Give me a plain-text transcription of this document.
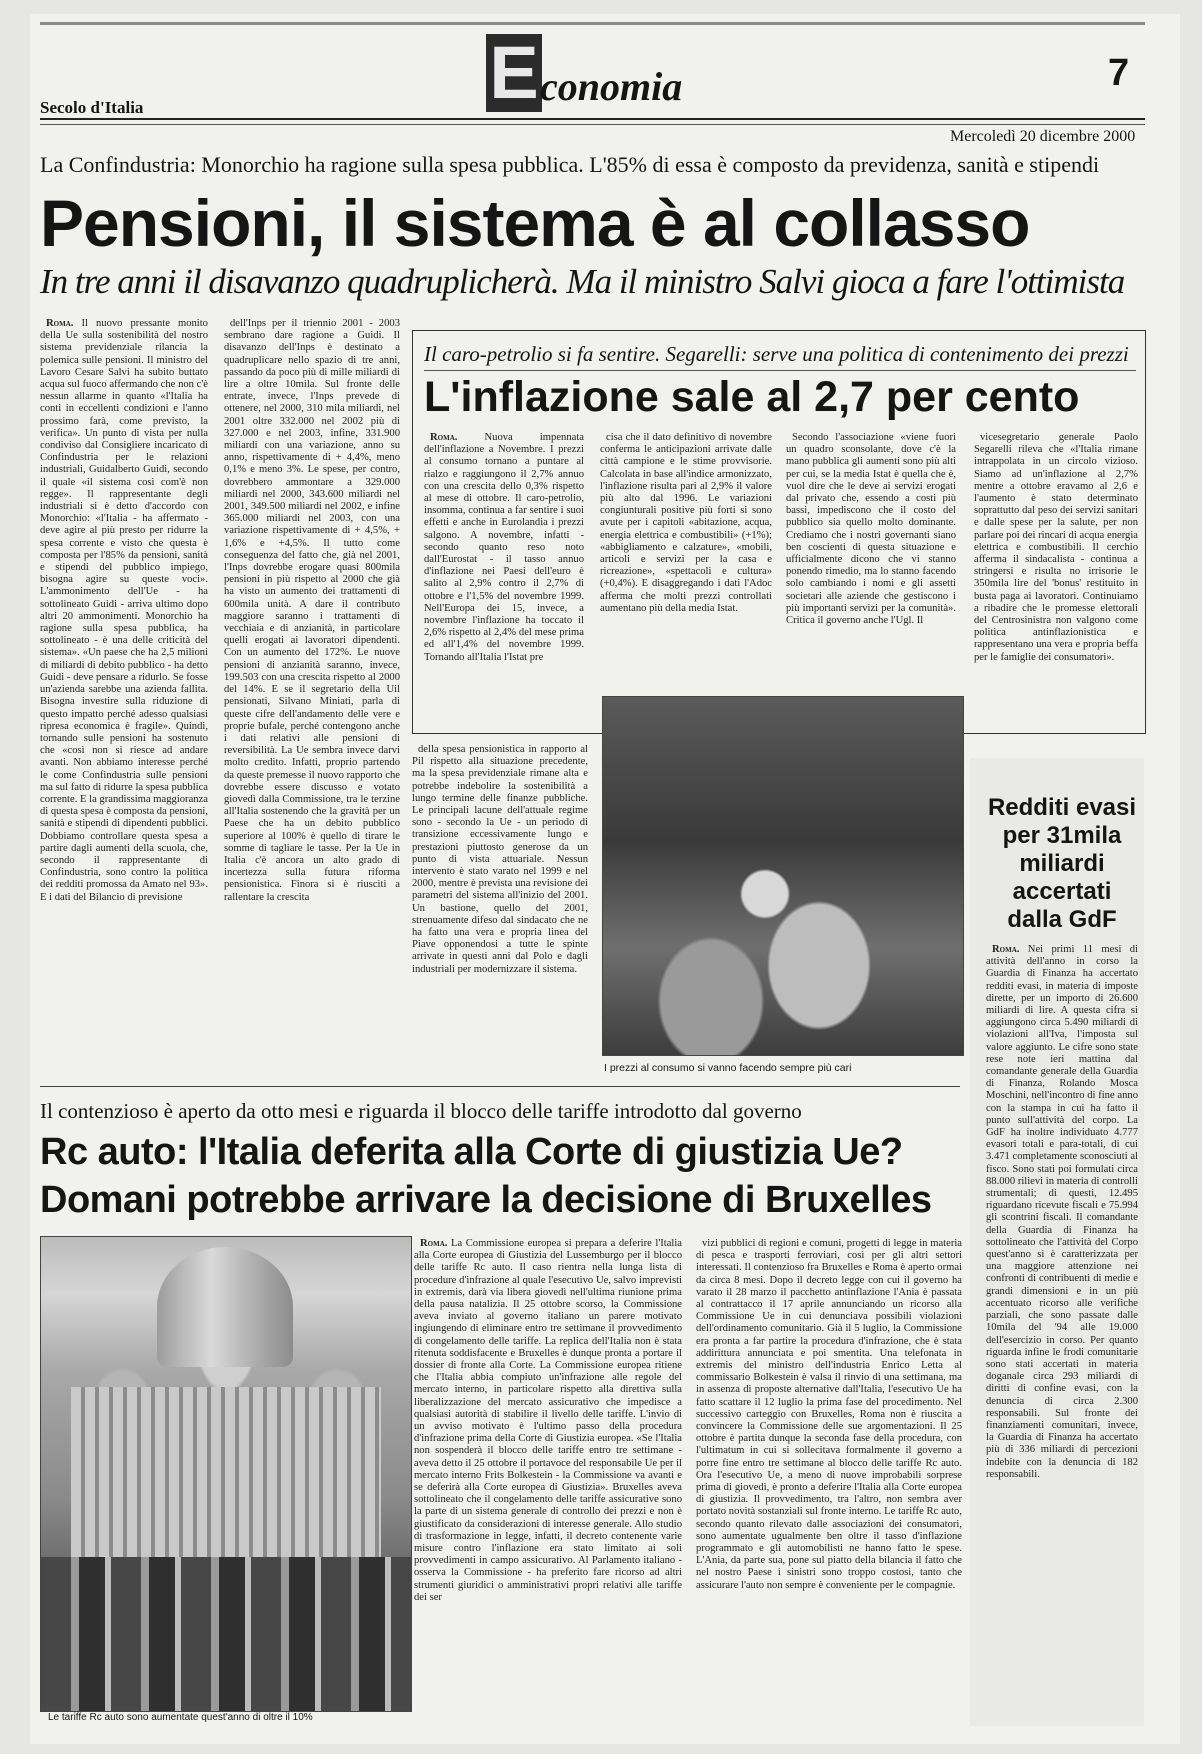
Secolo d'Italia	E conomia	7
Mercoledì 20 dicembre 2000
La Confindustria: Monorchio ha ragione sulla spesa pubblica. L'85% di essa è composto da previdenza, sanità e stipendi
Pensioni, il sistema è al collasso
In tre anni il disavanzo quadruplicherà. Ma il ministro Salvi gioca a fare l'ottimista

Roma. Il nuovo pressante monito della Ue sulla sostenibilità del nostro sistema previdenziale rilancia la polemica sulle pensioni. Il ministro del Lavoro Cesare Salvi ha subito buttato acqua sul fuoco affermando che non c'è nessun allarme in quanto «l'Italia ha conti in eccellenti condizioni e l'anno prossimo farà, come previsto, la verifica». Un punto di vista per nulla condiviso dal Consigliere incaricato di Confindustria per le relazioni industriali, Guidalberto Guidi, secondo il quale «il sistema così com'è non regge». Il rappresentante degli industriali si è detto d'accordo con Monorchio: «l'Italia - ha affermato - deve agire al più presto per ridurre la spesa corrente e visto che questa è composta per l'85% da pensioni, sanità e stipendi del pubblico impiego, bisogna agire su queste voci». L'ammonimento dell'Ue - ha sottolineato Guidi - arriva ultimo dopo altri 20 ammonimenti. Monorchio ha ragione sulla spesa pubblica, ha sottolineato - è una delle criticità del sistema». «Un paese che ha 2,5 milioni di miliardi di debito pubblico - ha detto Guidi - deve pensare a ridurlo. Se fosse un'azienda sarebbe una azienda fallita. Bisogna investire sulla riduzione di questo impatto perché adesso qualsiasi ripresa economica è fragile». Quindi, tornando sulle pensioni ha sostenuto che «così non si riesce ad andare avanti. Non abbiamo interesse perché le come Confindustria sulle pensioni ma sul fatto di ridurre la spesa pubblica corrente. E la grandissima maggioranza di questa spesa è composta da pensioni, sanità e stipendi di dipendenti pubblici. Dobbiamo controllare questa spesa a partire dagli aumenti della scuola, che, secondo il rappresentante di Confindustria, sono contro la politica dei redditi promossa da Amato nel 93». E i dati del Bilancio di previsione

dell'Inps per il triennio 2001 - 2003 sembrano dare ragione a Guidi. Il disavanzo dell'Inps è destinato a quadruplicare nello spazio di tre anni, passando da poco più di mille miliardi di lire a oltre 10mila. Sul fronte delle entrate, invece, l'Inps prevede di ottenere, nel 2000, 310 mila miliardi, nel 2001 oltre 332.000 nel 2002 più di 327.000 e nel 2003, infine, 331.900 miliardi con una variazione, anno su anno, rispettivamente di + 4,4%, meno 0,1% e meno 3%. Le spese, per contro, dovrebbero ammontare a 329.000 miliardi nel 2000, 343.600 miliardi nel 2001, 349.500 miliardi nel 2002, e infine 365.000 miliardi nel 2003, con una variazione rispettivamente di + 4,5%, + 1,6% e +4,5%. Il tutto come conseguenza del fatto che, già nel 2001, l'Inps dovrebbe erogare quasi 800mila pensioni in più rispetto al 2000 che già ha visto un aumento dei trattamenti di 600mila unità. A dare il contributo maggiore saranno i trattamenti di vecchiaia e di anzianità, in particolare quelli erogati ai lavoratori dipendenti. Con un aumento del 172%. Le nuove pensioni di anzianità saranno, invece, 199.503 con una crescita rispetto al 2000 del 14%. E se il segretario della Uil pensionati, Silvano Miniati, parla di queste cifre dell'andamento delle vere e proprie bufale, perché contengono anche i dati relativi alle pensioni di reversibilità. La Ue sembra invece darvi molto credito. Infatti, proprio partendo da queste premesse il nuovo rapporto che dovrebbe essere discusso e votato giovedì dalla Commissione, tra le terzine all'Italia sostenendo che la gravità per un Paese che ha un debito pubblico superiore al 100% è quello di tirare le somme di tagliare le tasse. Per la Ue in Italia c'è ancora un alto grado di incertezza sulla futura riforma pensionistica. Finora si è riusciti a rallentare la crescita

della spesa pensionistica in rapporto al Pil rispetto alla situazione precedente, ma la spesa previdenziale rimane alta e potrebbe indebolire la sostenibilità a lungo termine delle finanze pubbliche. Le principali lacune dell'attuale regime sono - secondo la Ue - un periodo di transizione eccessivamente lungo e prestazioni piuttosto generose da un punto di vista attuariale. Nessun intervento è stato varato nel 1999 e nel 2000, mentre è prevista una revisione dei parametri del sistema all'inizio del 2001. Un bastione, quello del 2001, strenuamente difeso dal sindacato che ne ha fatto una vera e propria linea del Piave opponendosi a tutte le spinte arrivate in questi anni dal Polo e dagli industriali per modernizzare il sistema.

Il caro-petrolio si fa sentire. Segarelli: serve una politica di contenimento dei prezzi
L'inflazione sale al 2,7 per cento

Roma.	Nuova impennata dell'inflazione a Novembre. I prezzi al consumo tornano a puntare al rialzo e raggiungono il 2,7% annuo con una crescita dello 0,3% rispetto al mese di ottobre. Il caro-petrolio, insomma, continua a far sentire i suoi effetti e anche in Eurolandia i prezzi salgono. A novembre, infatti - secondo quanto reso noto dall'Eurostat - il tasso annuo d'inflazione nei Paesi dell'euro è salito al 2,9% contro il 2,7% di ottobre e l'1,5% del novembre 1999. Nell'Europa dei 15, invece, a novembre l'inflazione ha toccato il 2,6% rispetto al 2,4% del mese prima ed all'1,4% del novembre 1999. Tornando all'Italia l'Istat pre

cisa che il dato definitivo di novembre conferma le anticipazioni arrivate dalle città campione e le stime provvisorie. Calcolata in base all'indice armonizzato, l'inflazione risulta pari al 2,9% il valore più alto dal 1996. Le variazioni congiunturali positive più forti si sono avute per i capitoli «abitazione, acqua, energia elettrica e combustibili» (+1%); «abbigliamento e calzature», «mobili, articoli e servizi per la casa e ricreazione», «spettacoli e cultura» (+0,4%). E disaggregando i dati l'Adoc afferma che molti prezzi controllati aumentano più della media Istat.

Secondo l'associazione «viene fuori un quadro sconsolante, dove c'è la mano pubblica gli aumenti sono più alti per cui, se la media Istat è quella che è, vuol dire che le deve ai servizi erogati dal privato che, essendo a costi più bassi, impediscono che il costo del pubblico sia quello molto dominante. Crediamo che i nostri governanti siano ben coscienti di questa situazione e ufficialmente dicono che vi stanno ponendo rimedio, ma lo stanno facendo solo cambiando i nomi e gli assetti societari alle aziende che gestiscono i più importanti servizi per la comunità». Critica il governo anche l'Ugl. Il

vicesegretario generale Paolo Segarelli rileva che «l'Italia rimane intrappolata in un circolo vizioso. Siamo ad un'inflazione al 2,7% mentre a ottobre eravamo al 2,6 e l'aumento è stato determinato soprattutto dal peso dei servizi sanitari e dalle spese per la salute, per non parlare poi dei rincari di acqua energia elettrica e combustibili. Il cerchio afferma il sindacalista - continua a stringersi e risulta no irrisorie le 350mila lire del 'bonus' restituito in busta paga ai lavoratori. Continuiamo a ribadire che le promesse elettorali del Centrosinistra non valgono come politica antinflazionistica e rappresentano una vera e propria beffa per le famiglie dei consumatori».

I prezzi al consumo si vanno facendo sempre più cari
Redditi evasi per 31mila miliardi accertati dalla GdF

Roma. Nei primi 11 mesi di attività dell'anno in corso la Guardia di Finanza ha accertato redditi evasi, in materia di imposte dirette, per un importo di 26.600 miliardi di lire. A questa cifra si aggiungono circa 5.490 miliardi di violazioni all'Iva, l'imposta sul valore aggiunto. Le cifre sono state rese note ieri mattina dal comandante generale della Guardia di Finanza, Rolando Mosca Moschini, nell'incontro di fine anno con la stampa in cui ha fatto il punto sull'attività del corpo. La GdF ha inoltre individuato 4.777 evasori totali e para-totali, di cui 3.471 completamente sconosciuti al fisco. Sono stati poi formulati circa 88.000 rilievi in materia di controlli strumentali; di questi, 12.495 riguardano ricevute fiscali e 75.994 gli scontrini fiscali. Il comandante della Guardia di Finanza ha sottolineato che l'attività del Corpo quest'anno si è caratterizzata per una maggiore attenzione nei confronti di contribuenti di medie e grandi dimensioni e in un più accentuato ricorso alle verifiche parziali, che sono passate dalle 10mila del '94 alle 19.000 dell'esercizio in corso. Per quanto riguarda infine le frodi comunitarie sono stati accertati in materia doganale circa 293 miliardi di diritti di confine evasi, con la denuncia di circa 2.300 responsabili. Sul fronte dei finanziamenti comunitari, invece, la Guardia di Finanza ha accertato più di 336 miliardi di percezioni indebite con la denuncia di 182 responsabili.

Il contenzioso è aperto da otto mesi e riguarda il blocco delle tariffe introdotto dal governo
Rc auto: l'Italia deferita alla Corte di giustizia Ue?
Domani potrebbe arrivare la decisione di Bruxelles
Le tariffe Rc auto sono aumentate quest'anno di oltre il 10%

Roma. La Commissione europea si prepara a deferire l'Italia alla Corte europea di Giustizia del Lussemburgo per il blocco delle tariffe Rc auto. Il caso rientra nella lunga lista di procedure d'infrazione al quale l'esecutivo Ue, salvo imprevisti in extremis, darà via libera giovedì nell'ultima riunione prima della pausa natalizia. Il 25 ottobre scorso, la Commissione aveva inviato al governo italiano un parere motivato ingiungendo di eliminare entro tre settimane il provvedimento di congelamento delle tariffe. La replica dell'Italia non è stata ritenuta soddisfacente e Bruxelles è dunque pronta a portare il dossier di fronte alla Corte. La Commissione europea ritiene che l'Italia abbia compiuto un'infrazione alle regole del mercato interno, in particolare rispetto alla direttiva sulla liberalizzazione del mercato assicurativo che impedisce a qualsiasi autorità di stabilire il livello delle tariffe. L'invio di un avviso motivato è l'ultimo passo della procedura d'infrazione prima della Corte di Giustizia europea. «Se l'Italia non sospenderà il blocco delle tariffe entro tre settimane - aveva detto il 25 ottobre il portavoce del responsabile Ue per il mercato interno Frits Bolkestein - la Commissione va avanti e se deferirà alla Corte europea di Giustizia». Bruxelles aveva sottolineato che il congelamento delle tariffe assicurative sono la parte di un sistema generale di controllo dei prezzi e non è giustificato da considerazioni di interesse generale. Allo studio di trasformazione in legge, infatti, il decreto contenente varie misure contro l'inflazione era stato limitato ai soli provvedimenti in campo assicurativo. Al Parlamento italiano - osserva la Commissione - ha preferito fare ricorso ad altri strumenti giuridici o amministrativi propri relativi alle tariffe dei ser

vizi pubblici di regioni e comuni, progetti di legge in materia di pesca e trasporti ferroviari, così per gli altri settori interessati. Il contenzioso fra Bruxelles e Roma è aperto ormai da circa 8 mesi. Dopo il decreto legge con cui il governo ha varato il 28 marzo il pacchetto antinflazione l'Ania è passata al contrattacco il 17 aprile annunciando un ricorso alla Commissione Ue in cui denunciava possibili violazioni dell'ordinamento comunitario. Già il 5 luglio, la Commissione era pronta a far partire la procedura d'infrazione, che è stata addirittura annunciata e poi smentita. Una telefonata in extremis del ministro dell'industria Enrico Letta al commissario Bolkestein è valsa il rinvio di una settimana, ma in assenza di proposte alternative dall'Italia, l'esecutivo Ue ha fatto scattare il 12 luglio la prima fase del procedimento. Nel successivo carteggio con Bruxelles, Roma non è riuscita a convincere la Commissione delle sue argomentazioni. Il 25 ottobre è partita dunque la seconda fase della procedura, con l'ultimatum in cui si sollecitava formalmente il governo a porre fine entro tre settimane al blocco delle tariffe Rc auto. Ora l'esecutivo Ue, a meno di nuove improbabili sorprese prima di giovedì, è pronto a deferire l'Italia alla Corte europea di giustizia. Il provvedimento, tra l'altro, non sembra aver portato novità sostanziali sul fronte interno. Le tariffe Rc auto, secondo quanto rilevato dalle associazioni dei consumatori, sono aumentate ugualmente ben oltre il tasso d'inflazione programmato e gli automobilisti ne hanno fatto le spese. L'Ania, da parte sua, pone sul piatto della bilancia il fatto che nel nostro Paese i sinistri sono troppo costosi, tanto che assicurare l'auto non sempre è conveniente per le compagnie.
